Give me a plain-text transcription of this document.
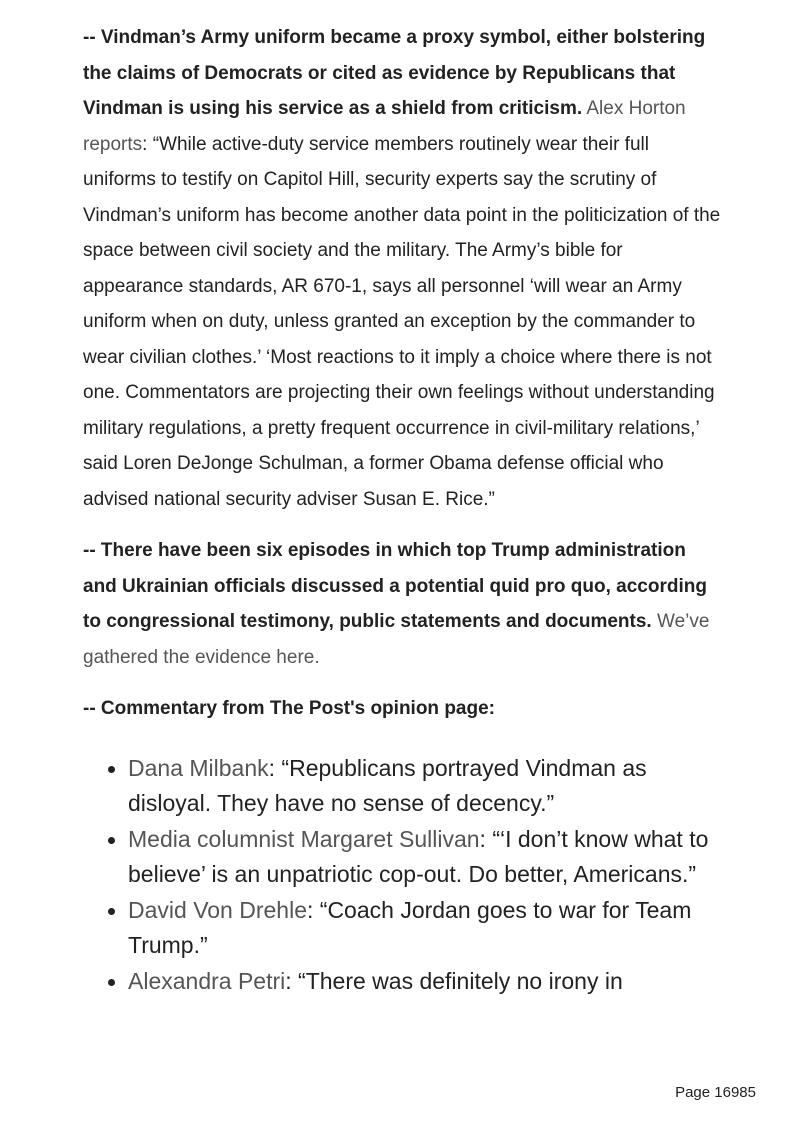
-- Vindman’s Army uniform became a proxy symbol, either bolstering the claims of Democrats or cited as evidence by Republicans that Vindman is using his service as a shield from criticism. Alex Horton reports: “While active-duty service members routinely wear their full uniforms to testify on Capitol Hill, security experts say the scrutiny of Vindman’s uniform has become another data point in the politicization of the space between civil society and the military. The Army’s bible for appearance standards, AR 670-1, says all personnel ‘will wear an Army uniform when on duty, unless granted an exception by the commander to wear civilian clothes.’ ‘Most reactions to it imply a choice where there is not one. Commentators are projecting their own feelings without understanding military regulations, a pretty frequent occurrence in civil-military relations,’ said Loren DeJonge Schulman, a former Obama defense official who advised national security adviser Susan E. Rice.”

-- There have been six episodes in which top Trump administration and Ukrainian officials discussed a potential quid pro quo, according to congressional testimony, public statements and documents. We’ve gathered the evidence here.

-- Commentary from The Post's opinion page:

Dana Milbank: “Republicans portrayed Vindman as disloyal. They have no sense of decency.”
Media columnist Margaret Sullivan: “‘I don’t know what to believe’ is an unpatriotic cop-out. Do better, Americans.”
David Von Drehle: “Coach Jordan goes to war for Team Trump.”
Alexandra Petri: “There was definitely no irony in
Page 16985
